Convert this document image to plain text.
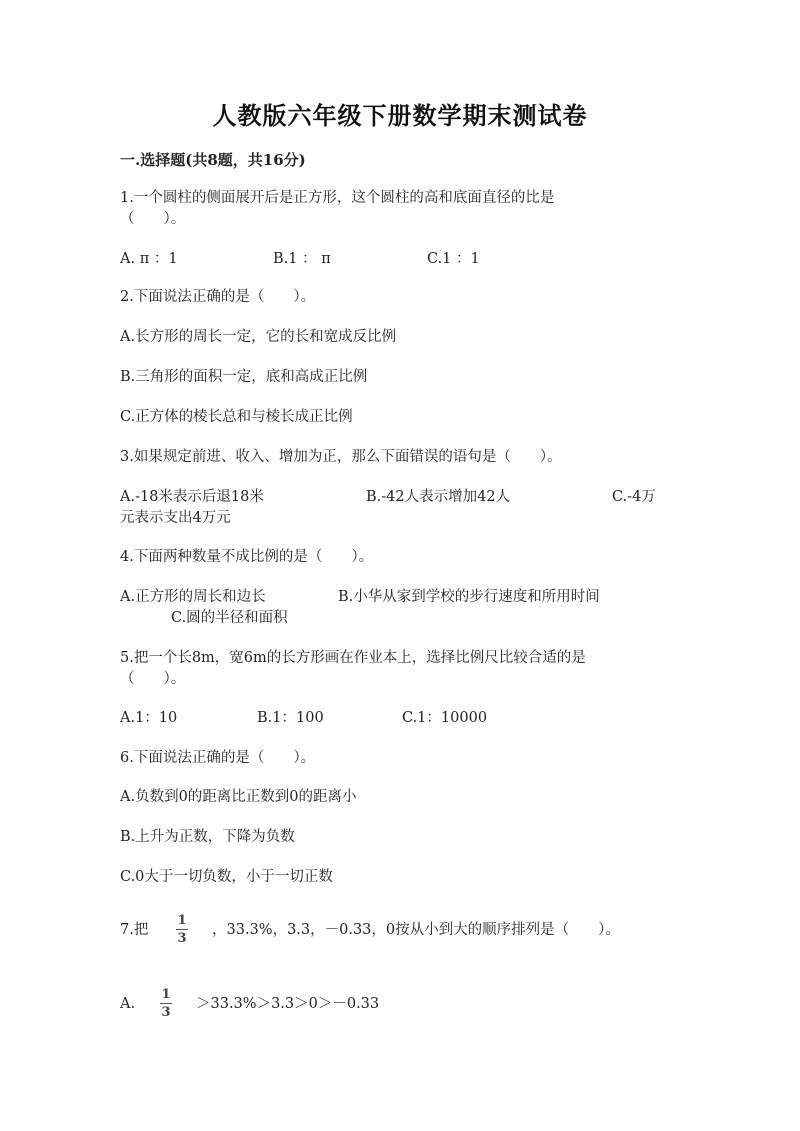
人教版六年级下册数学期末测试卷
一.选择题(共8题，共16分)
1.一个圆柱的侧面展开后是正方形，这个圆柱的高和底面直径的比是
（　　）。
A. π ：1	B.1 ： π	C.1 ：1
2.下面说法正确的是（　　）。
A.长方形的周长一定，它的长和宽成反比例
B.三角形的面积一定，底和高成正比例
C.正方体的棱长总和与棱长成正比例
3.如果规定前进、收入、增加为正，那么下面错误的语句是（　　）。
A.-18米表示后退18米	B.-42人表示增加42人	C.-4万
元表示支出4万元
4.下面两种数量不成比例的是（　　）。
A.正方形的周长和边长	B.小华从家到学校的步行速度和所用时间
C.圆的半径和面积
5.把一个长8m，宽6m的长方形画在作业本上，选择比例尺比较合适的是
（　　）。
A.1：10	B.1：100	C.1：10000
6.下面说法正确的是（　　）。
A.负数到0的距离比正数到0的距离小
B.上升为正数，下降为负数
C.0大于一切负数，小于一切正数
7.把
1
3
，33.3%，3.3，－0.33，0按从小到大的顺序排列是（　　）。
A.
1
3
＞33.3%＞3.3＞0＞－0.33
